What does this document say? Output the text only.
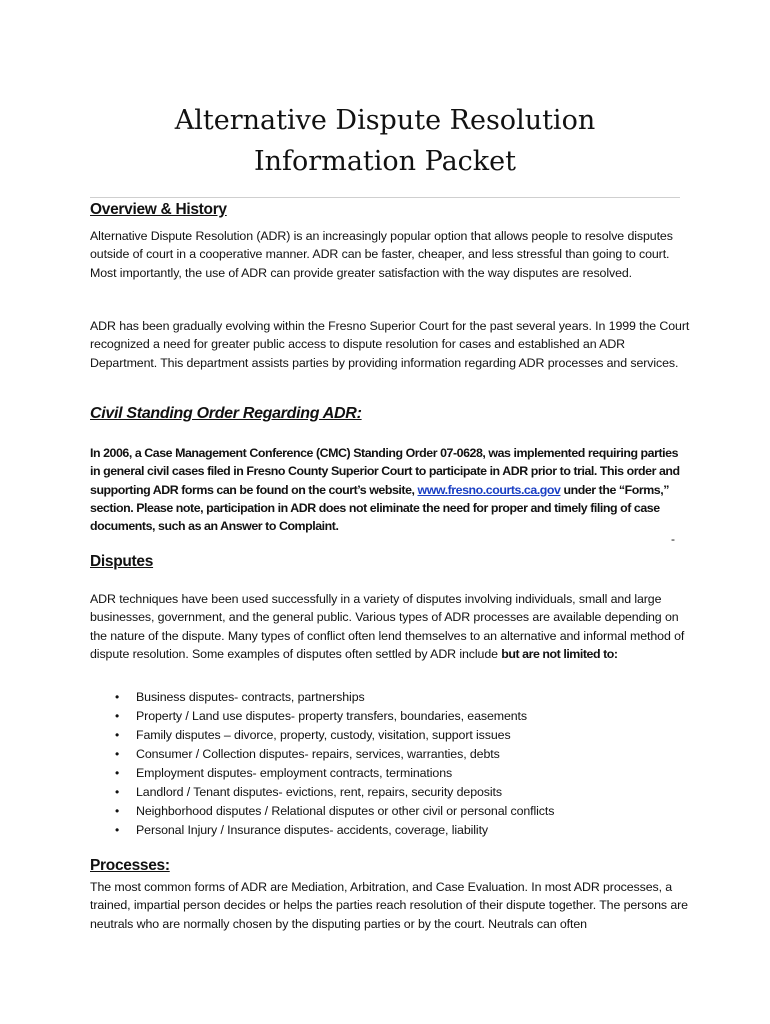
Alternative Dispute Resolution
Information Packet
Overview & History

Alternative Dispute Resolution (ADR) is an increasingly popular option that allows people to resolve disputes outside of court in a cooperative manner. ADR can be faster, cheaper, and less stressful than going to court. Most importantly, the use of ADR can provide greater satisfaction with the way disputes are resolved.

ADR has been gradually evolving within the Fresno Superior Court for the past several years. In 1999 the Court recognized a need for greater public access to dispute resolution for cases and established an ADR Department. This department assists parties by providing information regarding ADR processes and services.

Civil Standing Order Regarding ADR:

In 2006, a Case Management Conference (CMC) Standing Order 07-0628, was implemented requiring parties in general civil cases filed in Fresno County Superior Court to participate in ADR prior to trial. This order and supporting ADR forms can be found on the court’s website, www.fresno.courts.ca.gov under the “Forms,” section. Please note, participation in ADR does not eliminate the need for proper and timely filing of case documents, such as an Answer to Complaint.

-
Disputes

ADR techniques have been used successfully in a variety of disputes involving individuals, small and large businesses, government, and the general public. Various types of ADR processes are available depending on the nature of the dispute. Many types of conflict often lend themselves to an alternative and informal method of dispute resolution. Some examples of disputes often settled by ADR include but are not limited to:

• Business disputes- contracts, partnerships
• Property / Land use disputes- property transfers, boundaries, easements
• Family disputes – divorce, property, custody, visitation, support issues
• Consumer / Collection disputes- repairs, services, warranties, debts
• Employment disputes- employment contracts, terminations
• Landlord / Tenant disputes- evictions, rent, repairs, security deposits
• Neighborhood disputes / Relational disputes or other civil or personal conflicts
• Personal Injury / Insurance disputes- accidents, coverage, liability
Processes:

The most common forms of ADR are Mediation, Arbitration, and Case Evaluation. In most ADR processes, a trained, impartial person decides or helps the parties reach resolution of their dispute together. The persons are neutrals who are normally chosen by the disputing parties or by the court. Neutrals can often
